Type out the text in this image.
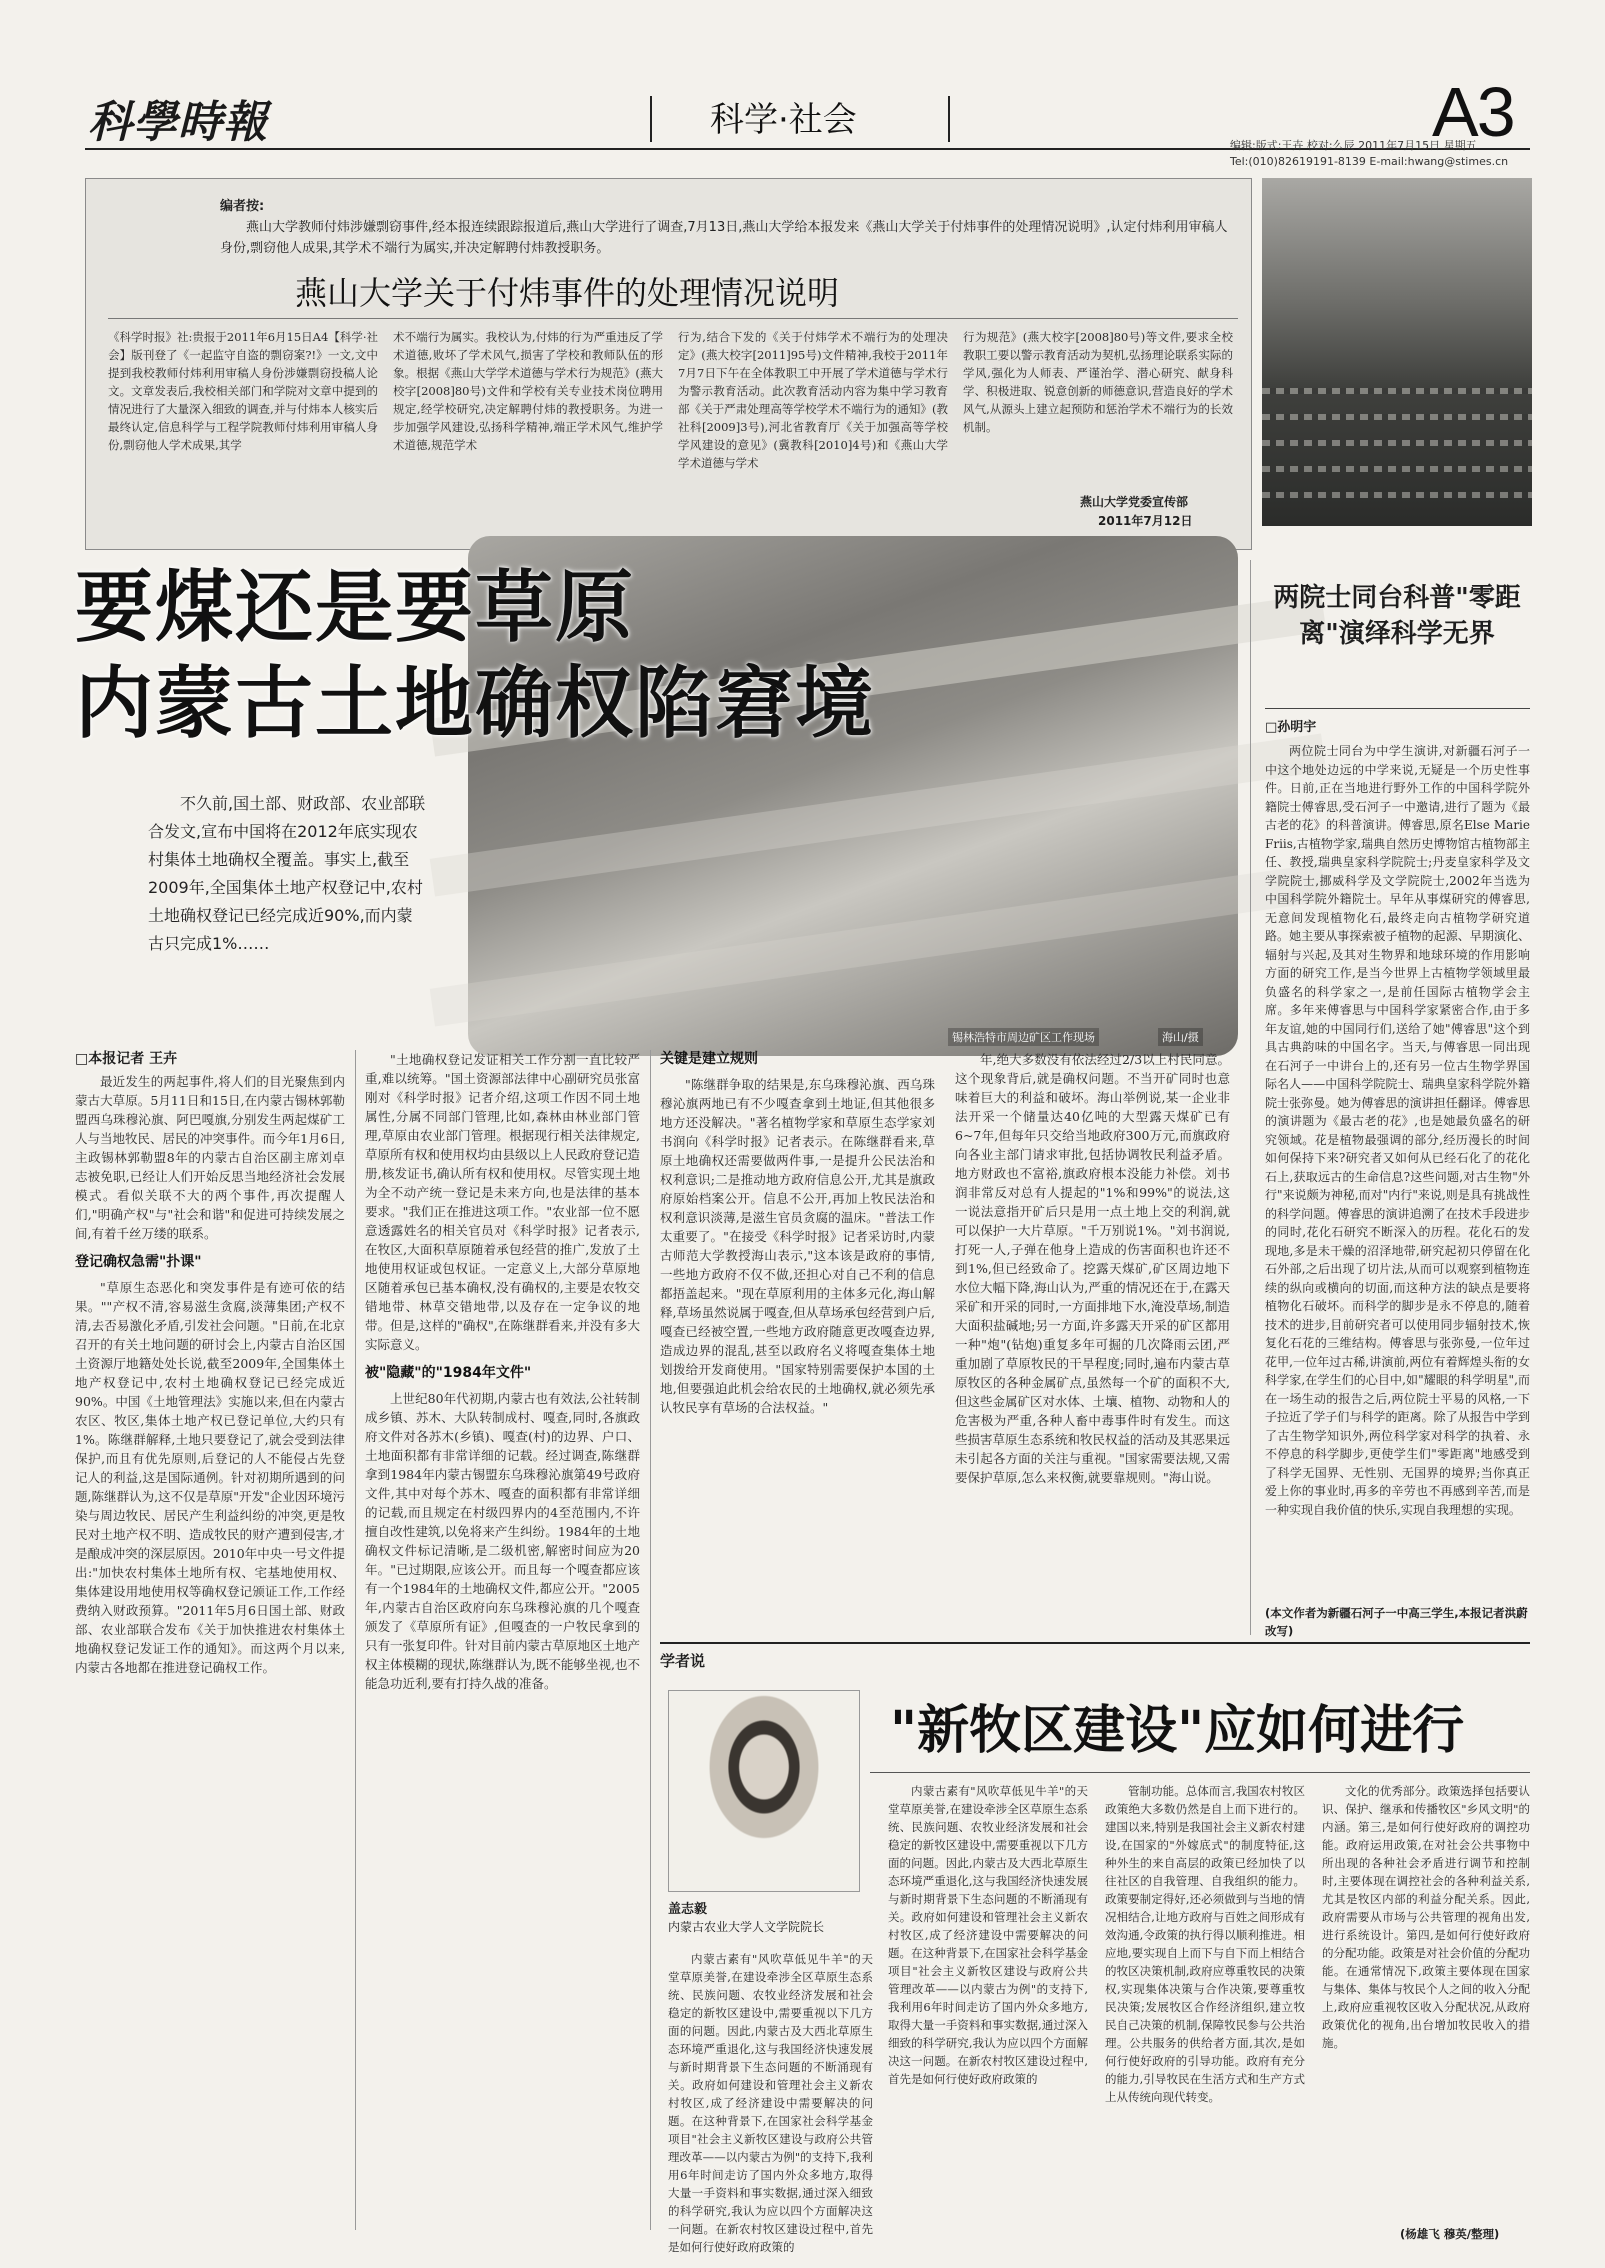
科學時報	科学·社会	A3
编辑:版式:王卉 校对:么辰 2011年7月15日 星期五
Tel:(010)82619191-8139 E-mail:hwang@stimes.cn
编者按:
燕山大学教师付炜涉嫌剽窃事件,经本报连续跟踪报道后,燕山大学进行了调查,7月13日,燕山大学给本报发来《燕山大学关于付炜事件的处理情况说明》,认定付炜利用审稿人身份,剽窃他人成果,其学术不端行为属实,并决定解聘付炜教授职务。
燕山大学关于付炜事件的处理情况说明
《科学时报》社:贵报于2011年6月15日A4【科学·社会】版刊登了《一起监守自盗的剽窃案?!》一文,文中提到我校教师付炜利用审稿人身份涉嫌剽窃投稿人论文。文章发表后,我校相关部门和学院对文章中提到的情况进行了大量深入细致的调查,并与付炜本人核实后最终认定,信息科学与工程学院教师付炜利用审稿人身份,剽窃他人学术成果,其学
术不端行为属实。我校认为,付炜的行为严重违反了学术道德,败坏了学术风气,损害了学校和教师队伍的形象。根据《燕山大学学术道德与学术行为规范》(燕大校字[2008]80号)文件和学校有关专业技术岗位聘用规定,经学校研究,决定解聘付炜的教授职务。为进一步加强学风建设,弘扬科学精神,端正学术风气,维护学术道德,规范学术
行为,结合下发的《关于付炜学术不端行为的处理决定》(燕大校字[2011]95号)文件精神,我校于2011年7月7日下午在全体教职工中开展了学术道德与学术行为警示教育活动。此次教育活动内容为集中学习教育部《关于严肃处理高等学校学术不端行为的通知》(教社科[2009]3号),河北省教育厅《关于加强高等学校学风建设的意见》(冀教科[2010]4号)和《燕山大学学术道德与学术
行为规范》(燕大校字[2008]80号)等文件,要求全校教职工要以警示教育活动为契机,弘扬理论联系实际的学风,强化为人师表、严谨治学、潜心研究、献身科学、积极进取、锐意创新的师德意识,营造良好的学术风气,从源头上建立起预防和惩治学术不端行为的长效机制。
燕山大学党委宣传部
2011年7月12日
锡林浩特市周边矿区工作现场	海山/摄
要煤还是要草原
内蒙古土地确权陷窘境

不久前,国土部、财政部、农业部联合发文,宣布中国将在2012年底实现农村集体土地确权全覆盖。事实上,截至2009年,全国集体土地产权登记中,农村土地确权登记已经完成近90%,而内蒙古只完成1%……

□本报记者 王卉

最近发生的两起事件,将人们的目光聚焦到内蒙古大草原。5月11日和15日,在内蒙古锡林郭勒盟西乌珠穆沁旗、阿巴嘎旗,分别发生两起煤矿工人与当地牧民、居民的冲突事件。而今年1月6日,主政锡林郭勒盟8年的内蒙古自治区副主席刘卓志被免职,已经让人们开始反思当地经济社会发展模式。看似关联不大的两个事件,再次提醒人们,"明确产权"与"社会和谐"和促进可持续发展之间,有着千丝万缕的联系。

登记确权急需"扑课"

"草原生态恶化和突发事件是有迹可依的结果。""产权不清,容易滋生贪腐,淡薄集团;产权不清,去否易激化矛盾,引发社会问题。"日前,在北京召开的有关土地问题的研讨会上,内蒙古自治区国土资源厅地籍处处长说,截至2009年,全国集体土地产权登记中,农村土地确权登记已经完成近90%。中国《土地管理法》实施以来,但在内蒙古农区、牧区,集体土地产权已登记单位,大约只有1%。陈继群解释,土地只要登记了,就会受到法律保护,而且有优先原则,后登记的人不能侵占先登记人的利益,这是国际通例。针对初期所遇到的问题,陈继群认为,这不仅是草原"开发"企业因环境污染与周边牧民、居民产生利益纠纷的冲突,更是牧民对土地产权不明、造成牧民的财产遭到侵害,才是酿成冲突的深层原因。2010年中央一号文件提出:"加快农村集体土地所有权、宅基地使用权、集体建设用地使用权等确权登记颁证工作,工作经费纳入财政预算。"2011年5月6日国土部、财政部、农业部联合发布《关于加快推进农村集体土地确权登记发证工作的通知》。而这两个月以来,内蒙古各地都在推进登记确权工作。

"土地确权登记发证相关工作分割一直比较严重,难以统筹。"国土资源部法律中心副研究员张富刚对《科学时报》记者介绍,这项工作因不同土地属性,分属不同部门管理,比如,森林由林业部门管理,草原由农业部门管理。根据现行相关法律规定,草原所有权和使用权均由县级以上人民政府登记造册,核发证书,确认所有权和使用权。尽管实现土地为全不动产统一登记是未来方向,也是法律的基本要求。"我们正在推进这项工作。"农业部一位不愿意透露姓名的相关官员对《科学时报》记者表示,在牧区,大面积草原随着承包经营的推广,发放了土地使用权证或包权证。一定意义上,大部分草原地区随着承包已基本确权,没有确权的,主要是农牧交错地带、林草交错地带,以及存在一定争议的地带。但是,这样的"确权",在陈继群看来,并没有多大实际意义。

被"隐藏"的"1984年文件"

上世纪80年代初期,内蒙古也有效法,公社转制成乡镇、苏木、大队转制成村、嘎查,同时,各旗政府文件对各苏木(乡镇)、嘎查(村)的边界、户口、土地面积都有非常详细的记载。经过调查,陈继群拿到1984年内蒙古锡盟东乌珠穆沁旗第49号政府文件,其中对每个苏木、嘎查的面积都有非常详细的记载,而且规定在村级四界内的4至范围内,不许擅自改性建筑,以免将来产生纠纷。1984年的土地确权文件标记清晰,是二级机密,解密时间应为20年。"已过期限,应该公开。而且每一个嘎查都应该有一个1984年的土地确权文件,都应公开。"2005年,内蒙古自治区政府向东乌珠穆沁旗的几个嘎查颁发了《草原所有证》,但嘎查的一户牧民拿到的只有一张复印件。针对目前内蒙古草原地区土地产权主体模糊的现状,陈继群认为,既不能够坐视,也不能急功近利,要有打持久战的准备。

关键是建立规则

"陈继群争取的结果是,东乌珠穆沁旗、西乌珠穆沁旗两地已有不少嘎查拿到土地证,但其他很多地方还没解决。"著名植物学家和草原生态学家刘书润向《科学时报》记者表示。在陈继群看来,草原土地确权还需要做两件事,一是提升公民法治和权利意识;二是推动地方政府信息公开,尤其是旗政府原始档案公开。信息不公开,再加上牧民法治和权利意识淡薄,是滋生官员贪腐的温床。"普法工作太重要了。"在接受《科学时报》记者采访时,内蒙古师范大学教授海山表示,"这本该是政府的事情,一些地方政府不仅不做,还担心对自己不利的信息都捂盖起来。"现在草原利用的主体多元化,海山解释,草场虽然说属于嘎查,但从草场承包经营到户后,嘎查已经被空置,一些地方政府随意更改嘎查边界,造成边界的混乱,甚至以政府名义将嘎查集体土地划拨给开发商使用。"国家特别需要保护本国的土地,但要强迫此机会给农民的土地确权,就必须先承认牧民享有草场的合法权益。"

年,绝大多数没有依法经过2/3以上村民同意。这个现象背后,就是确权问题。不当开矿同时也意味着巨大的利益和破坏。海山举例说,某一企业非法开采一个储量达40亿吨的大型露天煤矿已有6~7年,但每年只交给当地政府300万元,而旗政府向各业主部门请求审批,包括协调牧民利益矛盾。地方财政也不富裕,旗政府根本没能力补偿。刘书润非常反对总有人提起的"1%和99%"的说法,这一说法意指开矿后只是用一点土地上交的利润,就可以保护一大片草原。"千万别说1%。"刘书润说,打死一人,子弹在他身上造成的伤害面积也许还不到1%,但已经致命了。挖露天煤矿,矿区周边地下水位大幅下降,海山认为,严重的情况还在于,在露天采矿和开采的同时,一方面排地下水,淹没草场,制造大面积盐碱地;另一方面,许多露天开采的矿区都用一种"炮"(钻炮)重复多年可掘的几次降雨云团,严重加剧了草原牧民的干旱程度;同时,遍布内蒙古草原牧区的各种金属矿点,虽然每一个矿的面积不大,但这些金属矿区对水体、土壤、植物、动物和人的危害极为严重,各种人畜中毒事件时有发生。而这些损害草原生态系统和牧民权益的活动及其恶果远未引起各方面的关注与重视。"国家需要法规,又需要保护草原,怎么来权衡,就要靠规则。"海山说。

两院士同台科普"零距离"演绎科学无界
□孙明宇

两位院士同台为中学生演讲,对新疆石河子一中这个地处边远的中学来说,无疑是一个历史性事件。日前,正在当地进行野外工作的中国科学院外籍院士傅睿思,受石河子一中邀请,进行了题为《最古老的花》的科普演讲。傅睿思,原名Else Marie Friis,古植物学家,瑞典自然历史博物馆古植物部主任、教授,瑞典皇家科学院院士;丹麦皇家科学及文学院院士,挪威科学及文学院院士,2002年当选为中国科学院外籍院士。早年从事煤研究的傅睿思,无意间发现植物化石,最终走向古植物学研究道路。她主要从事探索被子植物的起源、早期演化、辐射与兴起,及其对生物界和地球环境的作用影响方面的研究工作,是当今世界上古植物学领域里最负盛名的科学家之一,是前任国际古植物学会主席。多年来傅睿思与中国科学家紧密合作,由于多年友谊,她的中国同行们,送给了她"傅睿思"这个到具古典韵味的中国名字。当天,与傅睿思一同出现在石河子一中讲台上的,还有另一位古生物学界国际名人——中国科学院院士、瑞典皇家科学院外籍院士张弥曼。她为傅睿思的演讲担任翻译。傅睿思的演讲题为《最古老的花》,也是她最负盛名的研究领域。花是植物最强调的部分,经历漫长的时间如何保持下来?研究者又如何从已经石化了的花化石上,获取远古的生命信息?这些问题,对古生物"外行"来说颇为神秘,而对"内行"来说,则是具有挑战性的科学问题。傅睿思的演讲追溯了在技术手段进步的同时,花化石研究不断深入的历程。花化石的发现地,多是未干燥的沼泽地带,研究起初只停留在化石外部,之后出现了切片法,从而可以观察到植物连续的纵向或横向的切面,而这种方法的缺点是要将植物化石破坏。而科学的脚步是永不停息的,随着技术的进步,目前研究者可以使用同步辐射技术,恢复化石花的三维结构。傅睿思与张弥曼,一位年过花甲,一位年过古稀,讲演前,两位有着辉煌头衔的女科学家,在学生们的心目中,如"耀眼的科学明星",而在一场生动的报告之后,两位院士平易的风格,一下子拉近了学子们与科学的距离。除了从报告中学到了古生物学知识外,两位科学家对科学的执着、永不停息的科学脚步,更使学生们"零距离"地感受到了科学无国界、无性别、无国界的境界;当你真正爱上你的事业时,再多的辛劳也不再感到辛苦,而是一种实现自我价值的快乐,实现自我理想的实现。

(本文作者为新疆石河子一中高三学生,本报记者洪蔚改写)
学者说
盖志毅
内蒙古农业大学人文学院院长
"新牧区建设"应如何进行

内蒙古素有"风吹草低见牛羊"的天堂草原美誉,在建设牵涉全区草原生态系统、民族问题、农牧业经济发展和社会稳定的新牧区建设中,需要重视以下几方面的问题。因此,内蒙古及大西北草原生态环境严重退化,这与我国经济快速发展与新时期背景下生态问题的不断涌现有关。政府如何建设和管理社会主义新农村牧区,成了经济建设中需要解决的问题。在这种背景下,在国家社会科学基金项目"社会主义新牧区建设与政府公共管理改革——以内蒙古为例"的支持下,我利用6年时间走访了国内外众多地方,取得大量一手资料和事实数据,通过深入细致的科学研究,我认为应以四个方面解决这一问题。在新农村牧区建设过程中,首先是如何行使好政府政策的

内蒙古素有"风吹草低见牛羊"的天堂草原美誉,在建设牵涉全区草原生态系统、民族问题、农牧业经济发展和社会稳定的新牧区建设中,需要重视以下几方面的问题。因此,内蒙古及大西北草原生态环境严重退化,这与我国经济快速发展与新时期背景下生态问题的不断涌现有关。政府如何建设和管理社会主义新农村牧区,成了经济建设中需要解决的问题。在这种背景下,在国家社会科学基金项目"社会主义新牧区建设与政府公共管理改革——以内蒙古为例"的支持下,我利用6年时间走访了国内外众多地方,取得大量一手资料和事实数据,通过深入细致的科学研究,我认为应以四个方面解决这一问题。在新农村牧区建设过程中,首先是如何行使好政府政策的

管制功能。总体而言,我国农村牧区政策绝大多数仍然是自上而下进行的。建国以来,特别是我国社会主义新农村建设,在国家的"外嫁底式"的制度特征,这种外生的来自高层的政策已经加快了以往社区的自我管理、自我组织的能力。政策要制定得好,还必须做到与当地的情况相结合,让地方政府与百姓之间形成有效沟通,令政策的执行得以顺利推进。相应地,要实现自上而下与自下而上相结合的牧区决策机制,政府应尊重牧民的决策权,实现集体决策与合作决策,要尊重牧民决策;发展牧区合作经济组织,建立牧民自己决策的机制,保障牧民参与公共治理。公共服务的供给者方面,其次,是如何行使好政府的引导功能。政府有充分的能力,引导牧民在生活方式和生产方式上从传统向现代转变。

文化的优秀部分。政策选择包括要认识、保护、继承和传播牧区"乡风文明"的内涵。第三,是如何行使好政府的调控功能。政府运用政策,在对社会公共事物中所出现的各种社会矛盾进行调节和控制时,主要体现在调控社会的各种利益关系,尤其是牧区内部的利益分配关系。因此,政府需要从市场与公共管理的视角出发,进行系统设计。第四,是如何行使好政府的分配功能。政策是对社会价值的分配功能。在通常情况下,政策主要体现在国家与集体、集体与牧民个人之间的收入分配上,政府应重视牧区收入分配状况,从政府政策优化的视角,出台增加牧民收入的措施。

(杨雄飞 穆英/整理)
